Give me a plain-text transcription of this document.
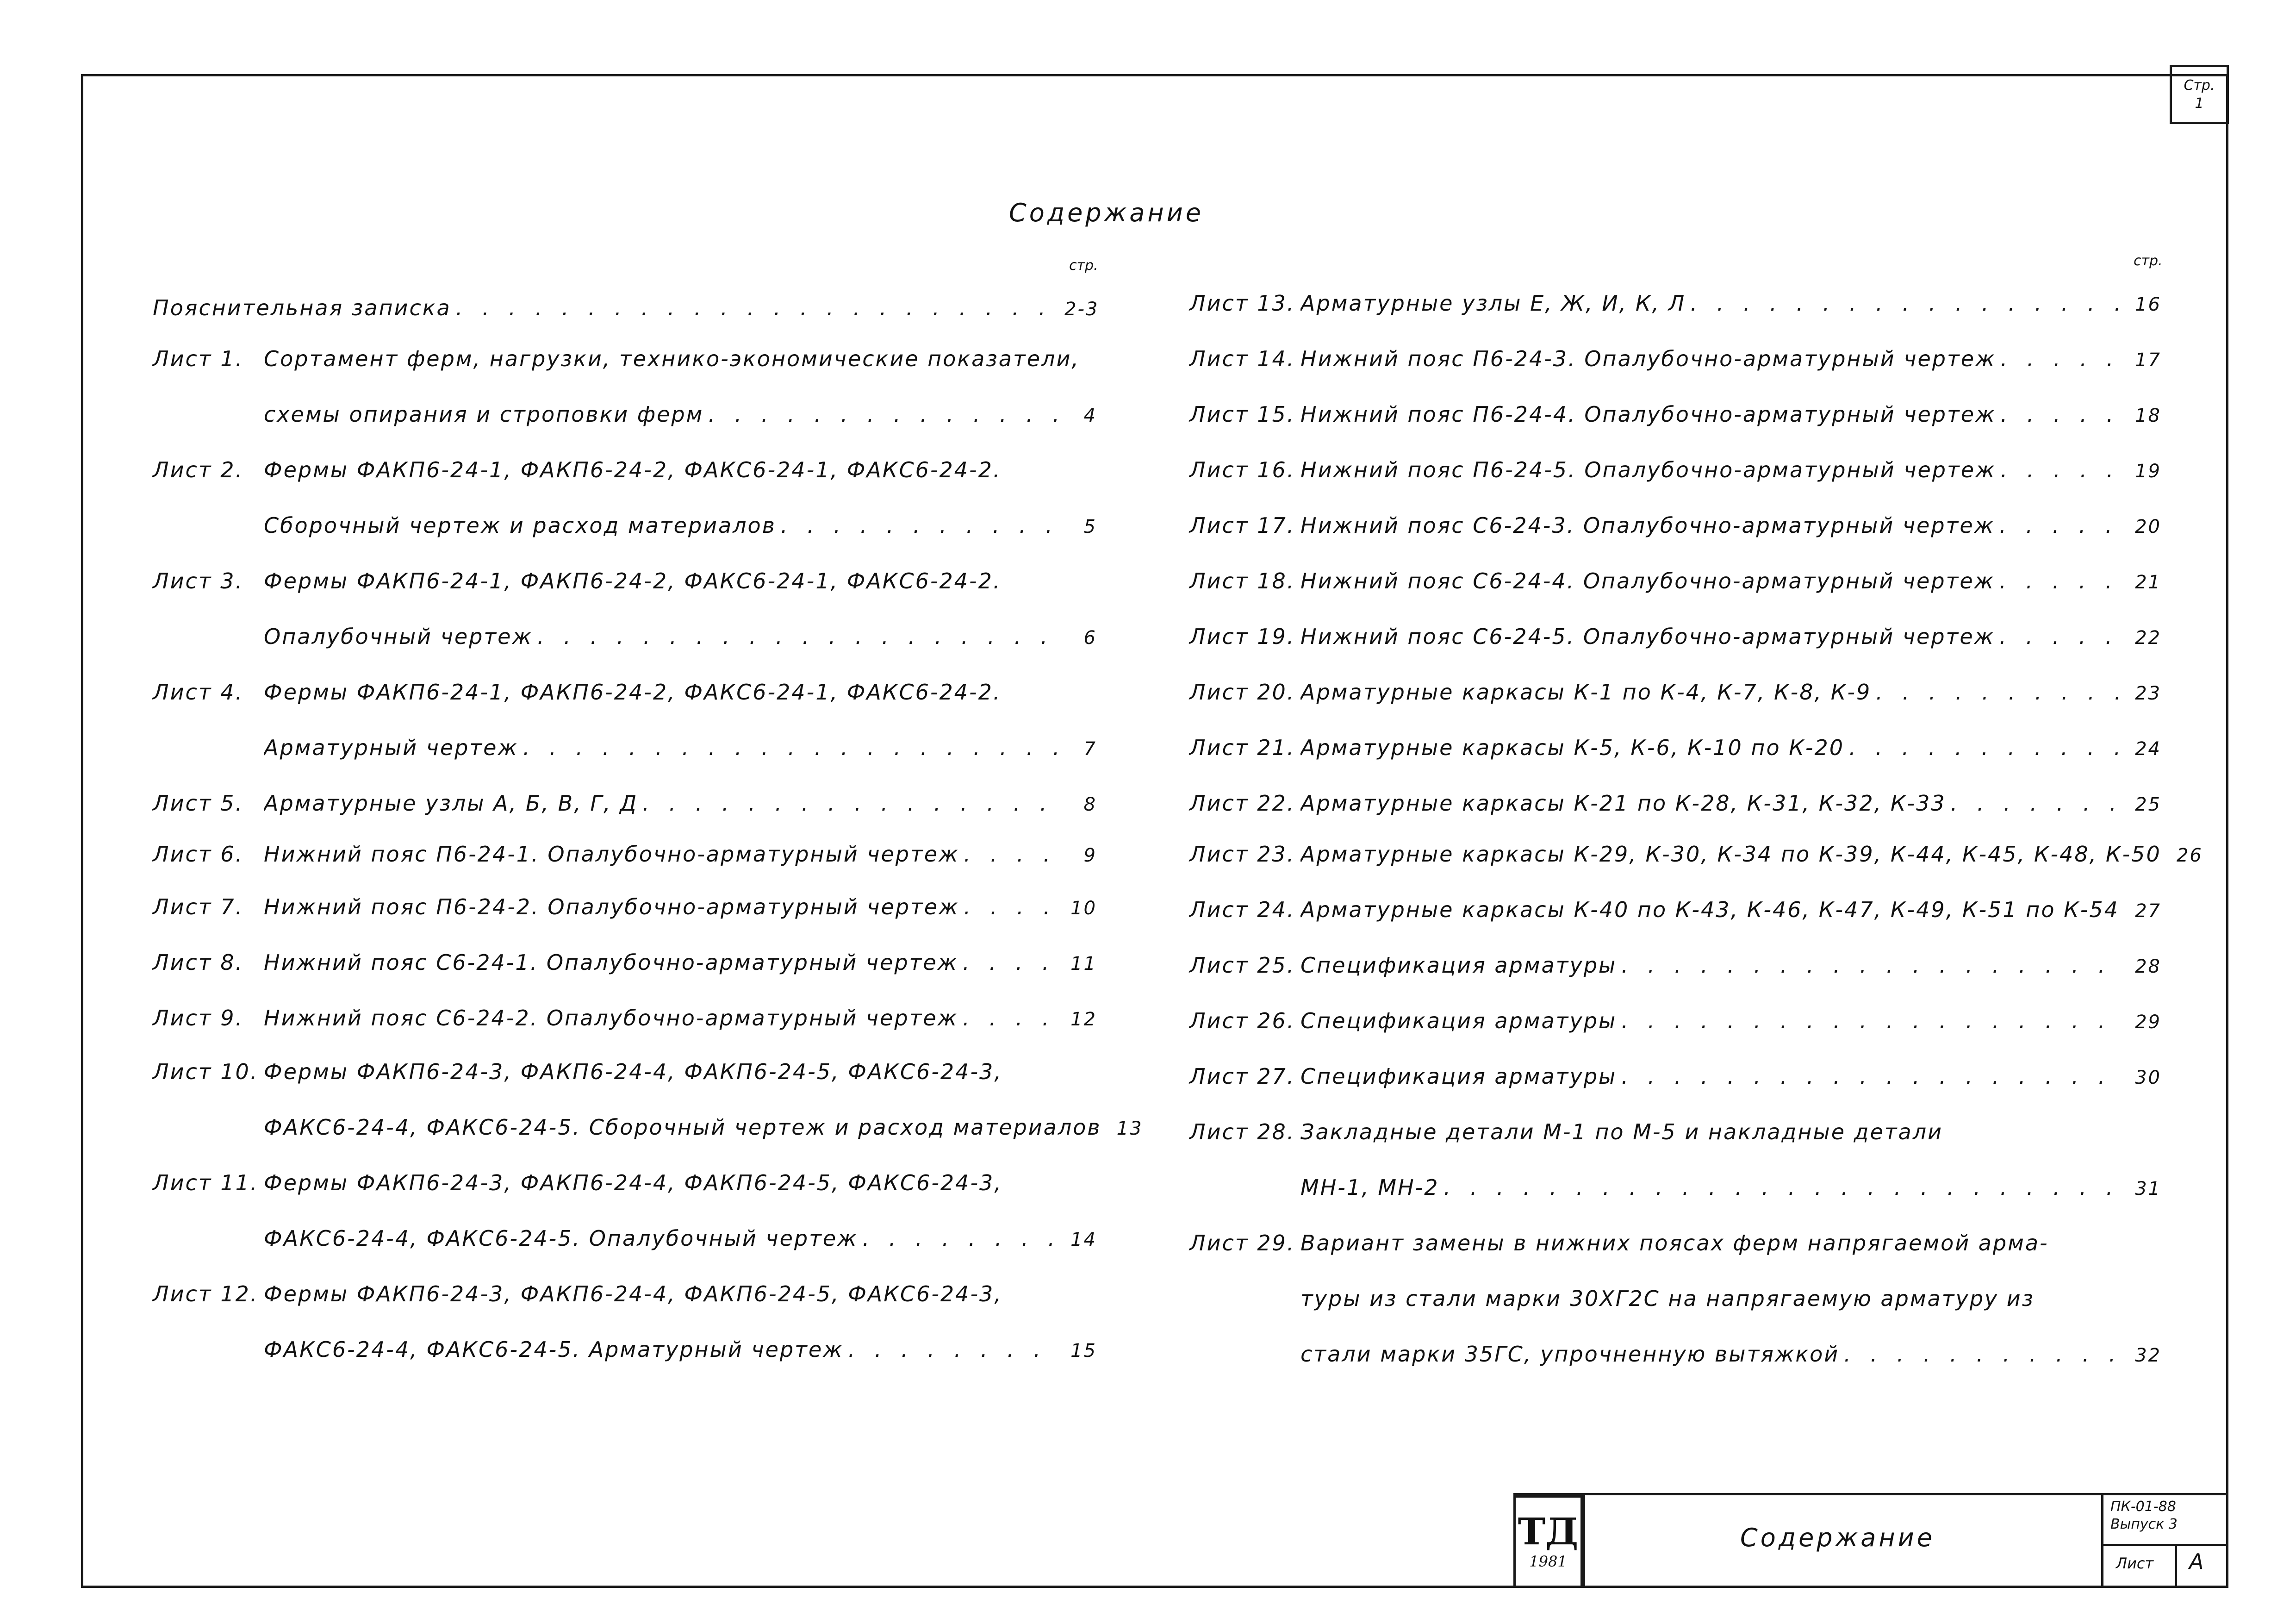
Стр.
1
Содержание
стр.	стр.
Пояснительная записка . . .	2-3
Лист 1. Сортамент ферм, нагрузки, технико-экономические показатели,
схемы опирания и строповки ферм . . .	4
Лист 2. Фермы ФАКП6-24-1, ФАКП6-24-2, ФАКС6-24-1, ФАКС6-24-2.
Сборочный чертеж и расход материалов . . .	5
Лист 3. Фермы ФАКП6-24-1, ФАКП6-24-2, ФАКС6-24-1, ФАКС6-24-2.
Опалубочный чертеж . . .	6
Лист 4. Фермы ФАКП6-24-1, ФАКП6-24-2, ФАКС6-24-1, ФАКС6-24-2.
Арматурный чертеж . . .	7
Лист 5. Арматурные узлы А, Б, В, Г, Д . . .	8
Лист 6. Нижний пояс П6-24-1. Опалубочно-арматурный чертеж . . .	9
Лист 7. Нижний пояс П6-24-2. Опалубочно-арматурный чертеж . . .	10
Лист 8. Нижний пояс С6-24-1. Опалубочно-арматурный чертеж . . .	11
Лист 9. Нижний пояс С6-24-2. Опалубочно-арматурный чертеж . . .	12
Лист 10. Фермы ФАКП6-24-3, ФАКП6-24-4, ФАКП6-24-5, ФАКС6-24-3,
ФАКС6-24-4, ФАКС6-24-5. Сборочный чертеж и расход материалов 13
Лист 11. Фермы ФАКП6-24-3, ФАКП6-24-4, ФАКП6-24-5, ФАКС6-24-3,
ФАКС6-24-4, ФАКС6-24-5. Опалубочный чертеж . . .	14
Лист 12. Фермы ФАКП6-24-3, ФАКП6-24-4, ФАКП6-24-5, ФАКС6-24-3,
ФАКС6-24-4, ФАКС6-24-5. Арматурный чертеж . . .	15
Лист 13. Арматурные узлы Е, Ж, И, К, Л . . .	16
Лист 14. Нижний пояс П6-24-3. Опалубочно-арматурный чертеж . . .	17
Лист 15. Нижний пояс П6-24-4. Опалубочно-арматурный чертеж . . .	18
Лист 16. Нижний пояс П6-24-5. Опалубочно-арматурный чертеж . . .	19
Лист 17. Нижний пояс С6-24-3. Опалубочно-арматурный чертеж . . .	20
Лист 18. Нижний пояс С6-24-4. Опалубочно-арматурный чертеж . . .	21
Лист 19. Нижний пояс С6-24-5. Опалубочно-арматурный чертеж . . .	22
Лист 20. Арматурные каркасы К-1 по К-4, К-7, К-8, К-9 . . .	23
Лист 21. Арматурные каркасы К-5, К-6, К-10 по К-20 . . .	24
Лист 22. Арматурные каркасы К-21 по К-28, К-31, К-32, К-33 . . .	25
Лист 23. Арматурные каркасы К-29, К-30, К-34 по К-39, К-44, К-45, К-48, К-50 26
Лист 24. Арматурные каркасы К-40 по К-43, К-46, К-47, К-49, К-51 по К-54 . . . 27
Лист 25. Спецификация арматуры . . .	28
Лист 26. Спецификация арматуры . . .	29
Лист 27. Спецификация арматуры . . .	30
Лист 28. Закладные детали М-1 по М-5 и накладные детали
МН-1, МН-2 . . .	31
Лист 29. Вариант замены в нижних поясах ферм напрягаемой арма-
туры из стали марки 30ХГ2С на напрягаемую арматуру из
стали марки 35ГС, упрочненную вытяжкой . . .	32
ТД
1981
Содержание
ПК-01-88
Выпуск 3
Лист А
